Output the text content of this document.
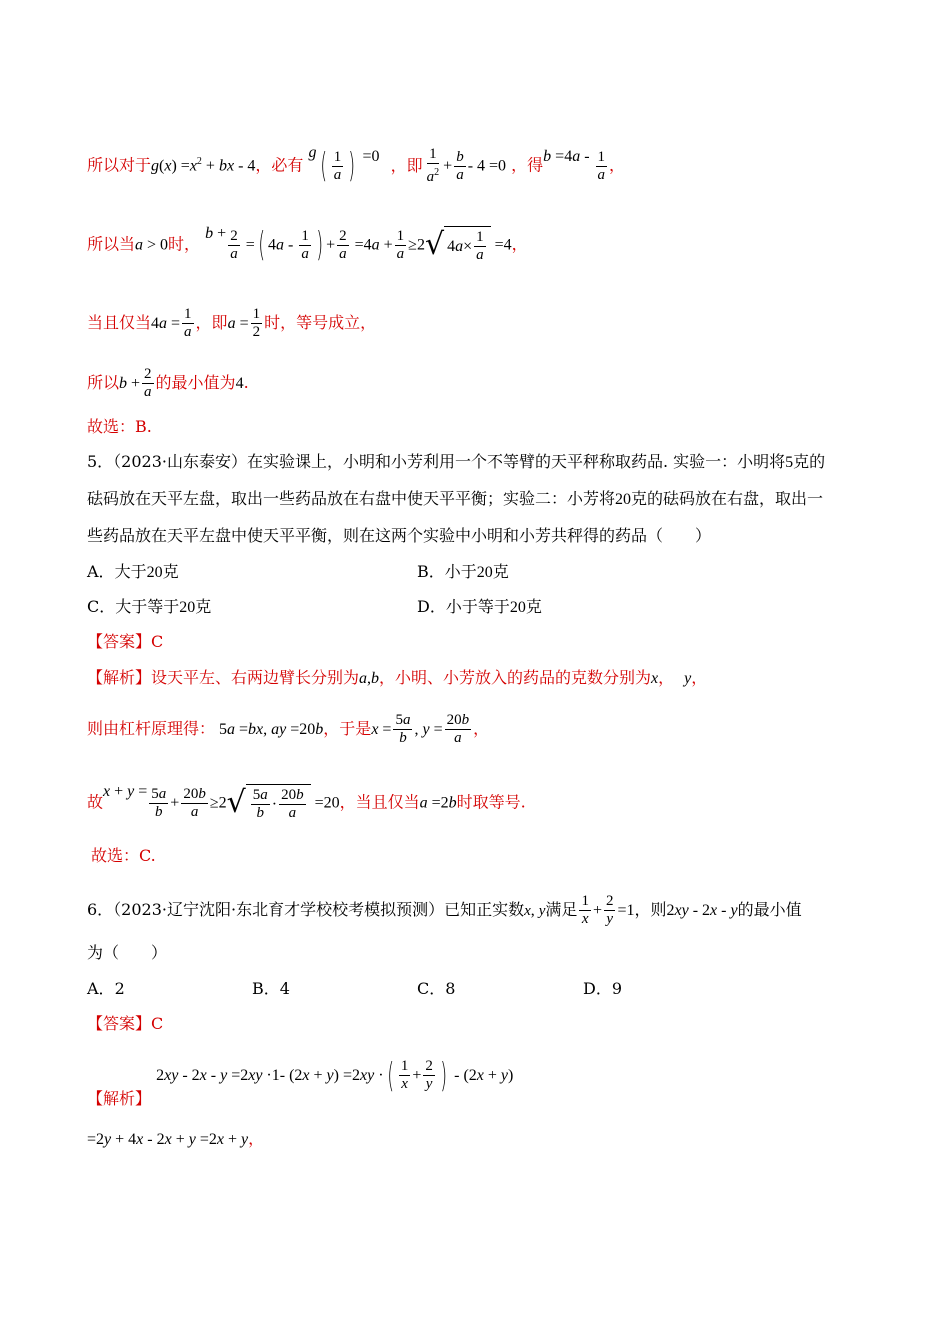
所以对于$g(x) =x^2$ + bx - 4，必有 $g( \frac{1}{a}$ ) =0 ，即 $\frac{1}{a^2} + \frac{b}{a} - 4 =0$ ，得$b =4a - \frac{1}{a}$ ，
所以当a > 0时， $b + \frac{2}{a}$ =( $4a - \frac{1}{a}$ ) + $\frac{2}{a} =4a + \frac{1}{a} \ge 2$ √ 4 $a \times \frac{1}{a} =4$，
当且仅当$4a = \frac{1}{a}$ ，即$a = \frac{1}{2}$ 时，等号成立，
所以$b + \frac{2}{a}$ 的最小值为4.
故选：B.
5．（2023·山东泰安）在实验课上，小明和小芳利用一个不等臂的天平秤称取药品. 实验一：小明将5克的
砝码放在天平左盘，取出一些药品放在右盘中使天平平衡；实验二：小芳将20克的砝码放在右盘，取出一
些药品放在天平左盘中使天平平衡，则在这两个实验中小明和小芳共秤得的药品（　　）
A．大于20克	B．小于20克
C．大于等于20克	D．小于等于20克
【答案】C
【解析】设天平左、右两边臂长分别为a,b，小明、小芳放入的药品的克数分别为x， y，
则由杠杆原理得： 5a =bx, ay =20b，于是$x = \frac{5a}{b}$ , $y = \frac{20b}{a}$ ，
故$x + y = \frac{5a}{b} + \frac{20b}{a} \ge 2$ √ $\frac{5a}{b} \cdot \frac{20b}{a} =20$，当且仅当a =2b时取等号.
故选：C.
6．（2023·辽宁沈阳·东北育才学校校考模拟预测）已知正实数x, y满足 $\frac{1}{x} + \frac{2}{y} =1$，则2xy - 2x - y的最小值
为（　　）
A．2	B．4	C．8	D．9
【答案】C
【解析】 2xy - 2x - y =2xy ·1- (2x + y) =2xy ·( $\frac{1}{x} + \frac{2}{y}$ ) - (2x + y)
=2y + 4x - 2x + y =2x + y，
